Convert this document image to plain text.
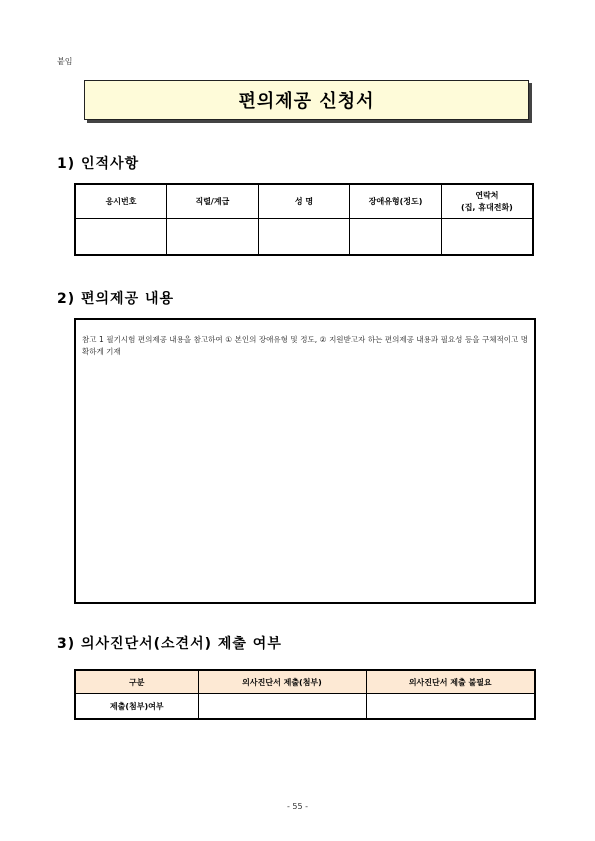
붙임
편의제공 신청서
1) 인적사항
응시번호	직렬/계급	성 명	장애유형(정도)	연락처
(집, 휴대전화)

2) 편의제공 내용
참고 1 필기시험 편의제공 내용을 참고하여 ① 본인의 장애유형 및 정도, ② 지원받고자 하는 편의제공 내용과 필요성 등을 구체적이고 명확하게 기재
3) 의사진단서(소견서) 제출 여부
구분	의사진단서 제출(첨부)	의사진단서 제출 불필요
제출(첨부)여부		
- 55 -
